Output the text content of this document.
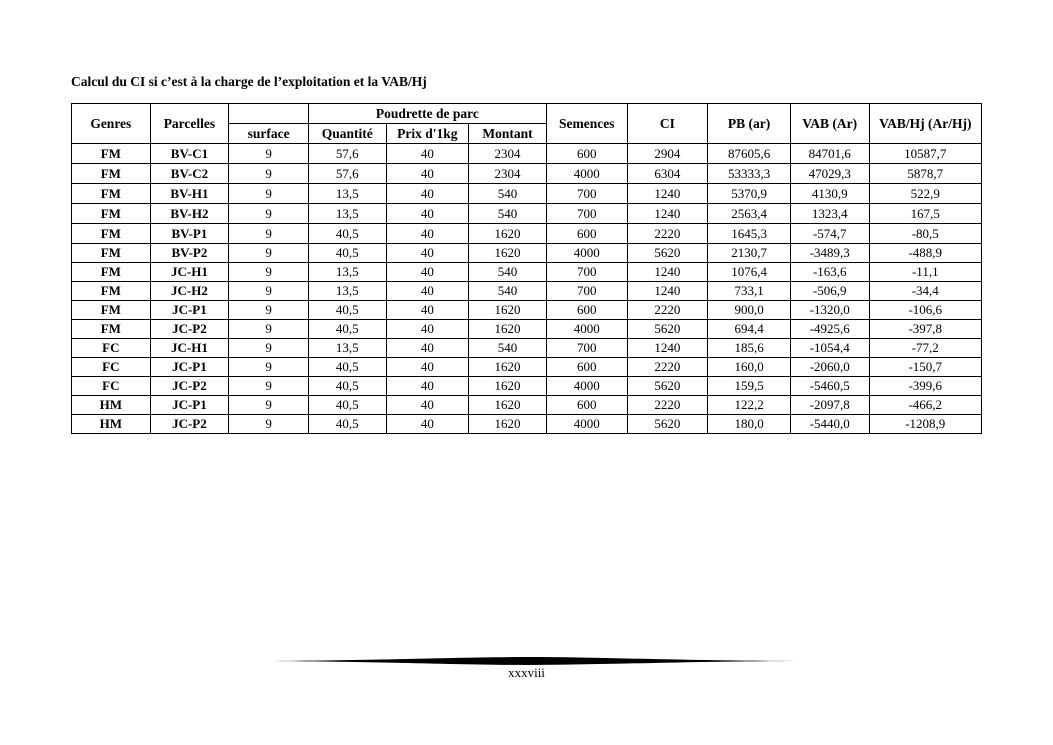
Calcul du CI si c’est à la charge de l’exploitation et la VAB/Hj

Genres	Parcelles		Poudrette de parc			Semences	CI	PB (ar)	VAB (Ar)	VAB/Hj (Ar/Hj)
		surface	Quantité	Prix d'1kg	Montant					
FM	BV-C1	9	57,6	40	2304	600	2904	87605,6	84701,6	10587,7
FM	BV-C2	9	57,6	40	2304	4000	6304	53333,3	47029,3	5878,7
FM	BV-H1	9	13,5	40	540	700	1240	5370,9	4130,9	522,9
FM	BV-H2	9	13,5	40	540	700	1240	2563,4	1323,4	167,5
FM	BV-P1	9	40,5	40	1620	600	2220	1645,3	-574,7	-80,5
FM	BV-P2	9	40,5	40	1620	4000	5620	2130,7	-3489,3	-488,9
FM	JC-H1	9	13,5	40	540	700	1240	1076,4	-163,6	-11,1
FM	JC-H2	9	13,5	40	540	700	1240	733,1	-506,9	-34,4
FM	JC-P1	9	40,5	40	1620	600	2220	900,0	-1320,0	-106,6
FM	JC-P2	9	40,5	40	1620	4000	5620	694,4	-4925,6	-397,8
FC	JC-H1	9	13,5	40	540	700	1240	185,6	-1054,4	-77,2
FC	JC-P1	9	40,5	40	1620	600	2220	160,0	-2060,0	-150,7
FC	JC-P2	9	40,5	40	1620	4000	5620	159,5	-5460,5	-399,6
HM	JC-P1	9	40,5	40	1620	600	2220	122,2	-2097,8	-466,2
HM	JC-P2	9	40,5	40	1620	4000	5620	180,0	-5440,0	-1208,9
xxxviii
